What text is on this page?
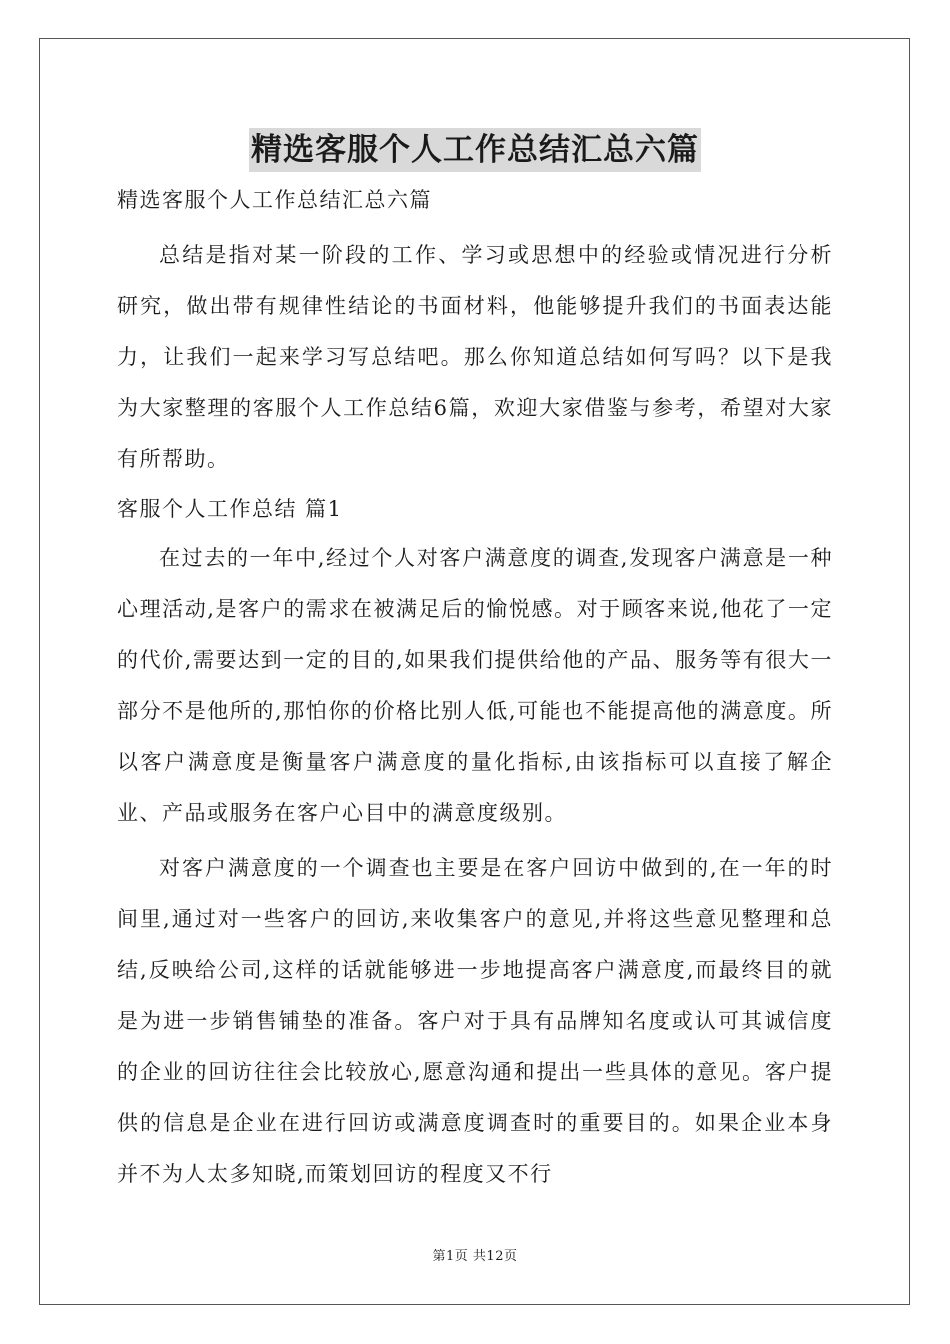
精选客服个人工作总结汇总六篇

精选客服个人工作总结汇总六篇

总结是指对某一阶段的工作、学习或思想中的经验或情况进行分析研究，做出带有规律性结论的书面材料，他能够提升我们的书面表达能力，让我们一起来学习写总结吧。那么你知道总结如何写吗？以下是我为大家整理的客服个人工作总结6篇，欢迎大家借鉴与参考，希望对大家有所帮助。

客服个人工作总结 篇1

在过去的一年中,经过个人对客户满意度的调查,发现客户满意是一种心理活动,是客户的需求在被满足后的愉悦感。对于顾客来说,他花了一定的代价,需要达到一定的目的,如果我们提供给他的产品、服务等有很大一部分不是他所的,那怕你的价格比别人低,可能也不能提高他的满意度。所以客户满意度是衡量客户满意度的量化指标,由该指标可以直接了解企业、产品或服务在客户心目中的满意度级别。

对客户满意度的一个调查也主要是在客户回访中做到的,在一年的时间里,通过对一些客户的回访,来收集客户的意见,并将这些意见整理和总结,反映给公司,这样的话就能够进一步地提高客户满意度,而最终目的就是为进一步销售铺垫的准备。客户对于具有品牌知名度或认可其诚信度的企业的回访往往会比较放心,愿意沟通和提出一些具体的意见。客户提供的信息是企业在进行回访或满意度调查时的重要目的。如果企业本身并不为人太多知晓,而策划回访的程度又不行

第1页 共12页
